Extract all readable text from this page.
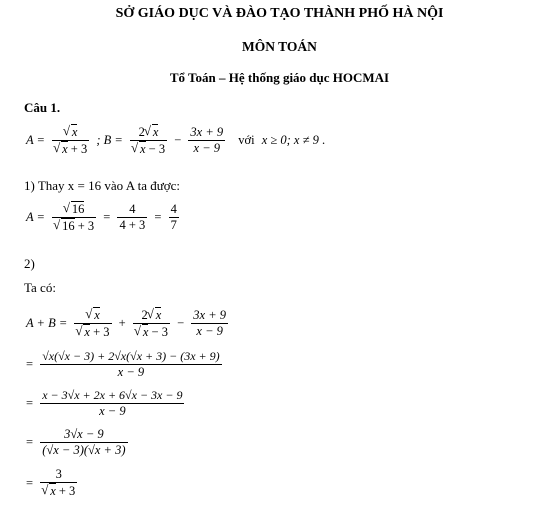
SỞ GIÁO DỤC VÀ ĐÀO TẠO THÀNH PHỐ HÀ NỘI
MÔN TOÁN
Tổ Toán – Hệ thống giáo dục HOCMAI
Câu 1.
A = √ x
√ x + 3 ; B = 2 √ x
√ $x - 3 - \frac{3x + 9}{x - 9}$ với x ≥ 0; x ≠ 9 .
1) Thay x = 16 vào A ta được:
A = √ 16
√ $16 + 3 = \frac{4}{4 + 3} = \frac{4}{7}$
2)
Ta có:
A + B = √ x
√ x + 3 + 2 √ x
√ $x - 3 - \frac{3x + 9}{x - 9}$
= $\frac{√x(√x - 3) + 2√x(√x + 3) - (3x + 9)}{x - 9}$
= $\frac{x - 3√x + 2x + 6√x - 3x - 9}{x - 9}$
= $\frac{3√x - 9}{(√x - 3)(√x + 3)}$
= 3
√ x + 3
